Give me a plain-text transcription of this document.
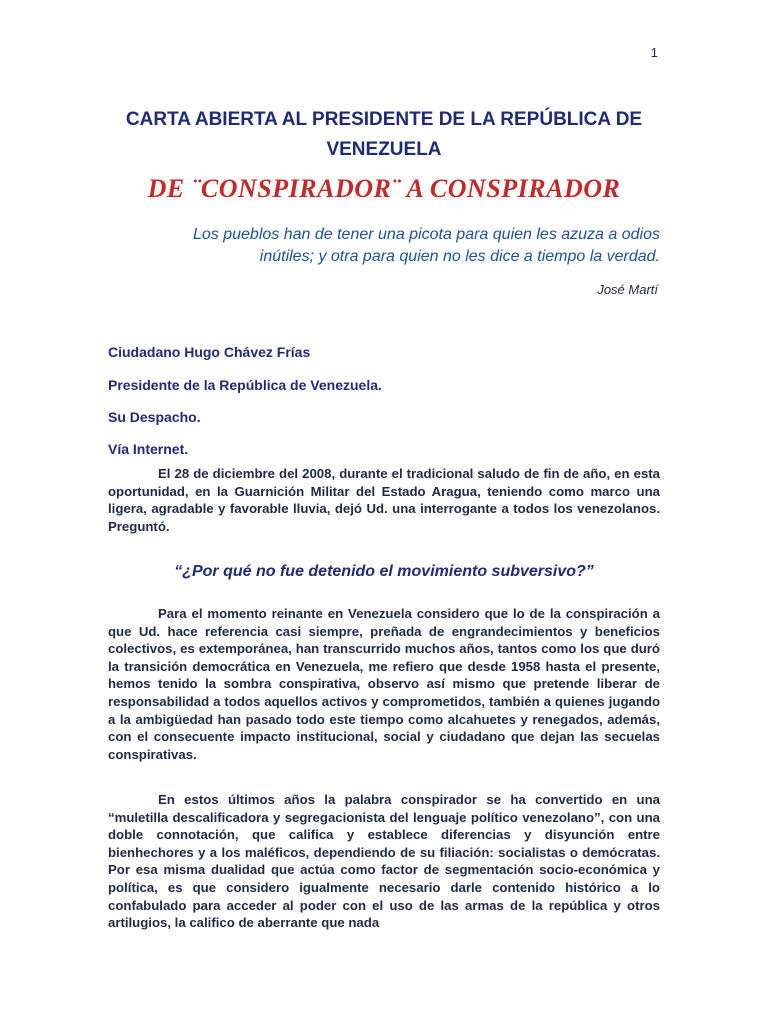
1
CARTA ABIERTA AL PRESIDENTE DE LA REPÚBLICA DE VENEZUELA
DE ¨CONSPIRADOR¨ A CONSPIRADOR
Los pueblos han de tener una picota para quien les azuza a odios inútiles; y otra para quien no les dice a tiempo la verdad.
José Martí
Ciudadano Hugo Chávez Frías
Presidente de la República de Venezuela.
Su Despacho.
Vía Internet.

El 28 de diciembre del 2008, durante el tradicional saludo de fin de año, en esta oportunidad, en la Guarnición Militar del Estado Aragua, teniendo como marco una ligera, agradable y favorable lluvia, dejó Ud. una interrogante a todos los venezolanos. Preguntó.

“¿Por qué no fue detenido el movimiento subversivo?”

Para el momento reinante en Venezuela considero que lo de la conspiración a que Ud. hace referencia casi siempre, preñada de engrandecimientos y beneficios colectivos, es extemporánea, han transcurrido muchos años, tantos como los que duró la transición democrática en Venezuela, me refiero que desde 1958 hasta el presente, hemos tenido la sombra conspirativa, observo así mismo que pretende liberar de responsabilidad a todos aquellos activos y comprometidos, también a quienes jugando a la ambigüedad han pasado todo este tiempo como alcahuetes y renegados, además, con el consecuente impacto institucional, social y ciudadano que dejan las secuelas conspirativas.

En estos últimos años la palabra conspirador se ha convertido en una “muletilla descalificadora y segregacionista del lenguaje político venezolano”, con una doble connotación, que califica y establece diferencias y disyunción entre bienhechores y a los maléficos, dependiendo de su filiación: socialistas o demócratas. Por esa misma dualidad que actúa como factor de segmentación socio-económica y política, es que considero igualmente necesario darle contenido histórico a lo confabulado para acceder al poder con el uso de las armas de la república y otros artilugios, la califico de aberrante que nada
